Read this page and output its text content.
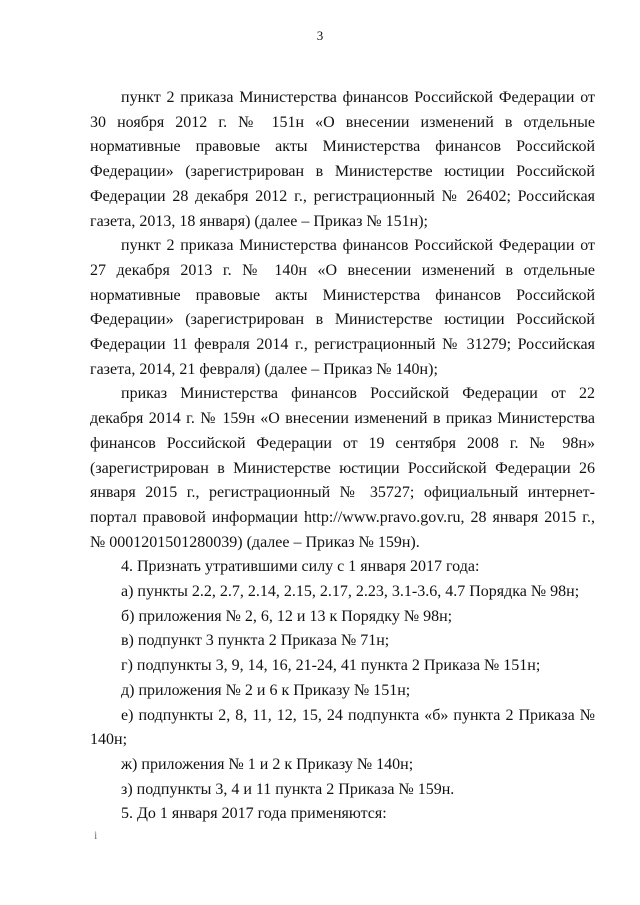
3

пункт 2 приказа Министерства финансов Российской Федерации от 30 ноября 2012 г. № 151н «О внесении изменений в отдельные нормативные правовые акты Министерства финансов Российской Федерации» (зарегистрирован в Министерстве юстиции Российской Федерации 28 декабря 2012 г., регистрационный № 26402; Российская газета, 2013, 18 января) (далее – Приказ № 151н);

пункт 2 приказа Министерства финансов Российской Федерации от 27 декабря 2013 г. № 140н «О внесении изменений в отдельные нормативные правовые акты Министерства финансов Российской Федерации» (зарегистрирован в Министерстве юстиции Российской Федерации 11 февраля 2014 г., регистрационный № 31279; Российская газета, 2014, 21 февраля) (далее – Приказ № 140н);

приказ Министерства финансов Российской Федерации от 22 декабря 2014 г. № 159н «О внесении изменений в приказ Министерства финансов Российской Федерации от 19 сентября 2008 г. № 98н» (зарегистрирован в Министерстве юстиции Российской Федерации 26 января 2015 г., регистрационный № 35727; официальный интернет-портал правовой информации http://www.pravo.gov.ru, 28 января 2015 г., № 0001201501280039) (далее – Приказ № 159н).

4. Признать утратившими силу с 1 января 2017 года:

а) пункты 2.2, 2.7, 2.14, 2.15, 2.17, 2.23, 3.1-3.6, 4.7 Порядка № 98н;

б) приложения № 2, 6, 12 и 13 к Порядку № 98н;

в) подпункт 3 пункта 2 Приказа № 71н;

г) подпункты 3, 9, 14, 16, 21-24, 41 пункта 2 Приказа № 151н;

д) приложения № 2 и 6 к Приказу № 151н;

е) подпункты 2, 8, 11, 12, 15, 24 подпункта «б» пункта 2 Приказа № 140н;

ж) приложения № 1 и 2 к Приказу № 140н;

з) подпункты 3, 4 и 11 пункта 2 Приказа № 159н.

5. До 1 января 2017 года применяются:

i
